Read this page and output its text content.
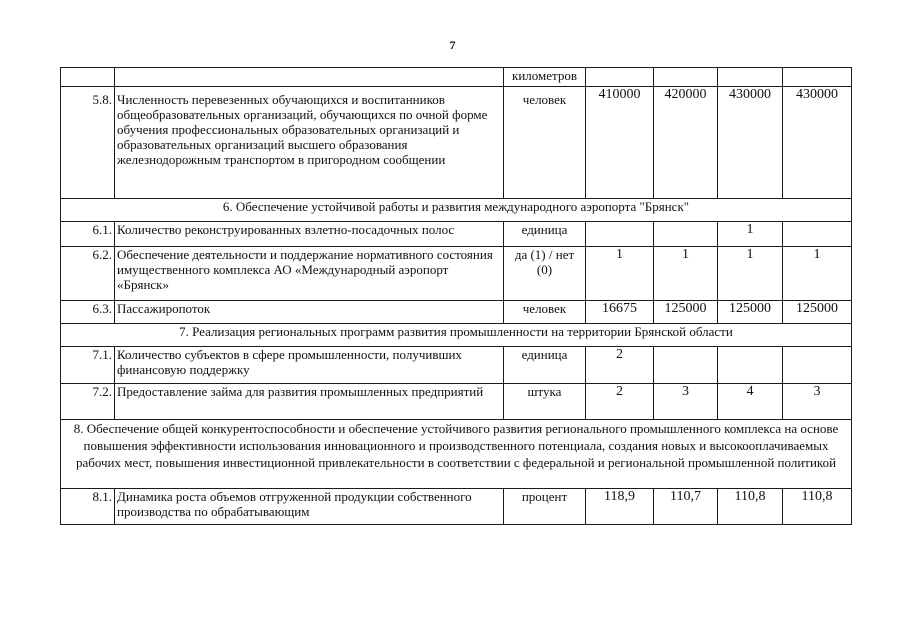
7
		километров				
5.8.	Численность перевезенных обучающихся и воспитанников общеобразовательных организаций, обучающихся по очной форме обучения профессиональных образовательных организаций и образовательных организаций высшего образования железнодорожным транспортом в пригородном сообщении	человек	410000	420000	430000	430000
6. Обеспечение устойчивой работы и развития международного аэропорта "Брянск"						
6.1.	Количество реконструированных взлетно-посадочных полос	единица			1	
6.2.	Обеспечение деятельности и поддержание нормативного состояния имущественного комплекса АО «Международный аэропорт «Брянск»	да (1) / нет (0)	1	1	1	1
6.3.	Пассажиропоток	человек	16675	125000	125000	125000
7. Реализация региональных программ развития промышленности на территории Брянской области						
7.1.	Количество субъектов в сфере промышленности, получивших финансовую поддержку	единица	2			
7.2.	Предоставление займа для развития промышленных предприятий	штука	2	3	4	3
8. Обеспечение общей конкурентоспособности и обеспечение устойчивого развития регионального промышленного комплекса на основе повышения эффективности использования инновационного и производственного потенциала, создания новых и высокооплачиваемых рабочих мест, повышения инвестиционной привлекательности в соответствии с федеральной и региональной промышленной политикой						
8.1.	Динамика роста объемов отгруженной продукции собственного производства по обрабатывающим	процент	118,9	110,7	110,8	110,8
